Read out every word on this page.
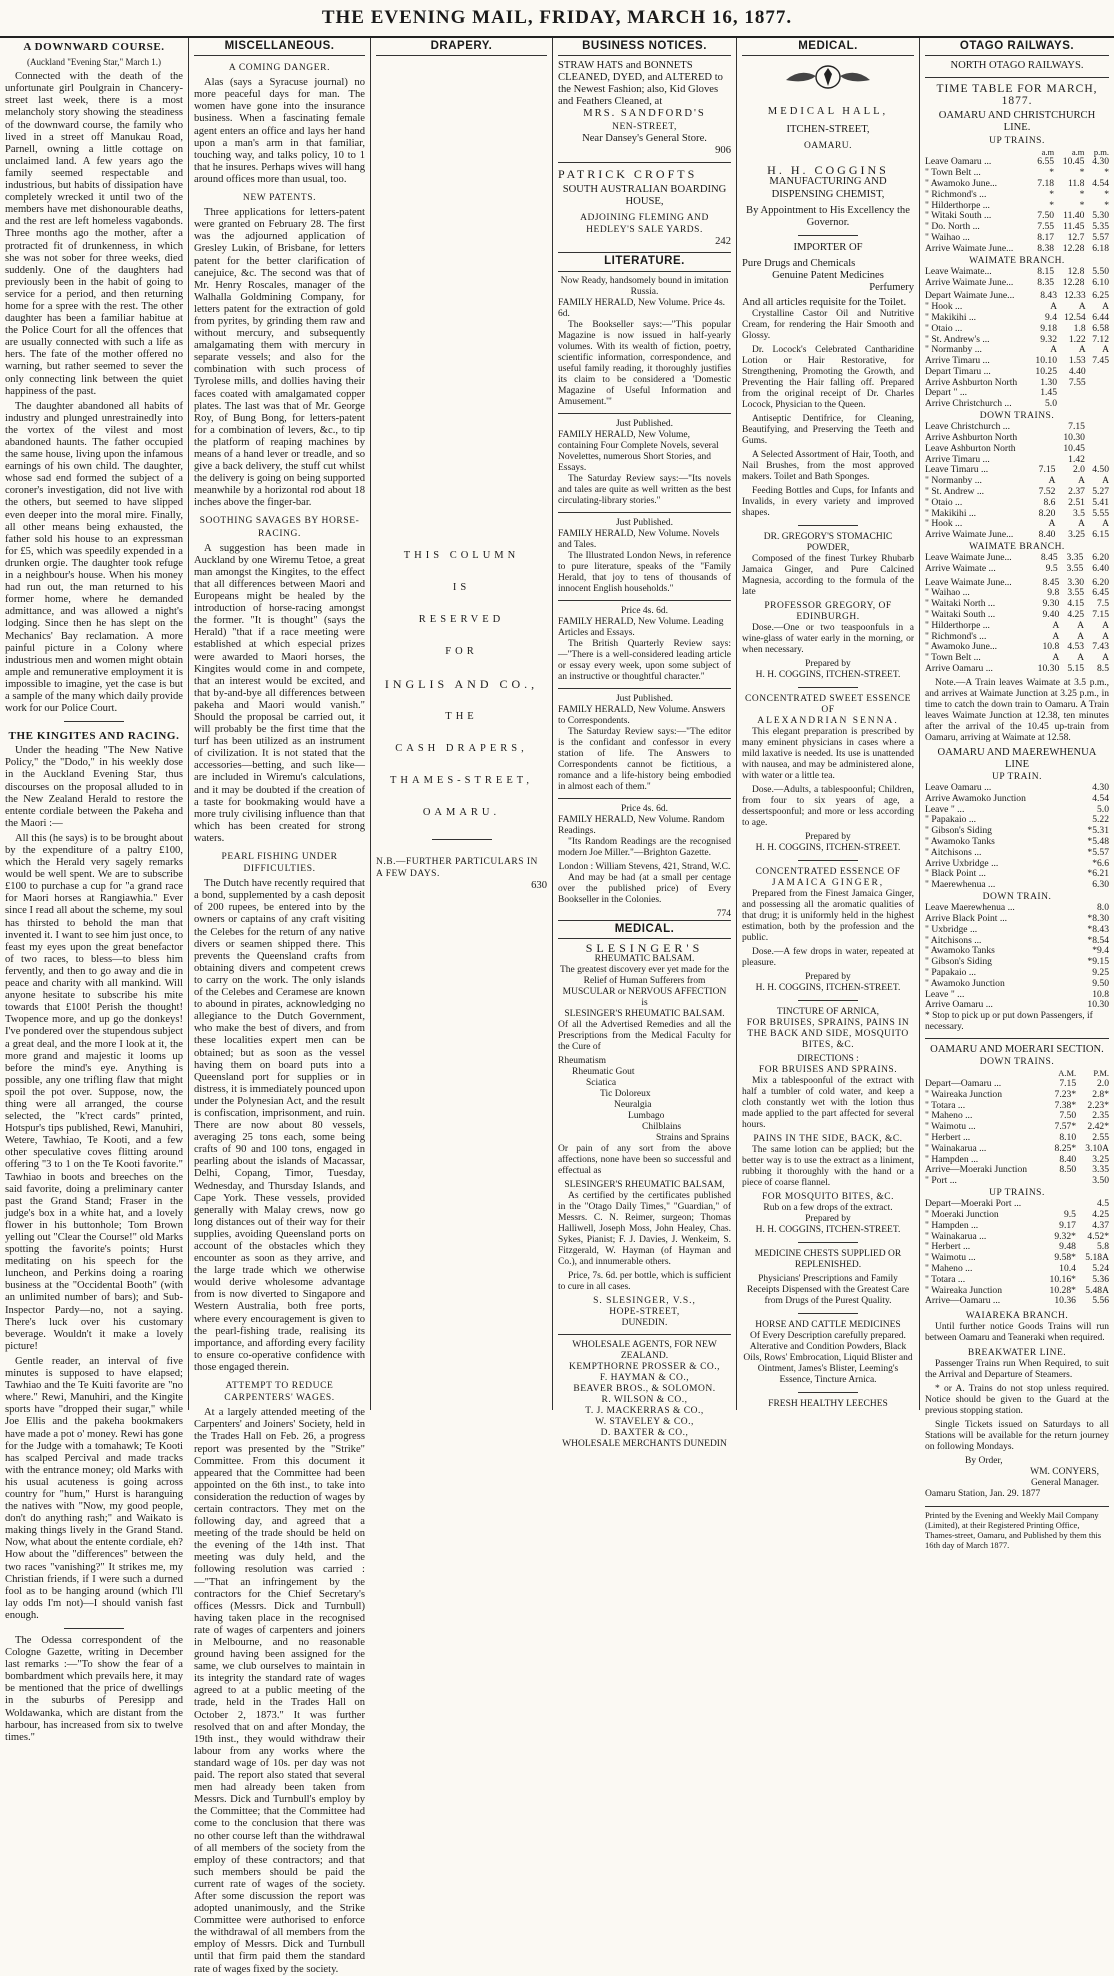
THE EVENING MAIL, FRIDAY, MARCH 16, 1877.
A DOWNWARD COURSE.
(Auckland "Evening Star," March 1.)

Connected with the death of the unfortunate girl Poulgrain in Chancery-street last week, there is a most melancholy story showing the steadiness of the downward course, the family who lived in a street off Manukau Road, Parnell, owning a little cottage on unclaimed land. A few years ago the family seemed respectable and industrious, but habits of dissipation have completely wrecked it until two of the members have met dishonourable deaths, and the rest are left homeless vagabonds. Three months ago the mother, after a protracted fit of drunkenness, in which she was not sober for three weeks, died suddenly. One of the daughters had previously been in the habit of going to service for a period, and then returning home for a spree with the rest. The other daughter has been a familiar habitue at the Police Court for all the offences that are usually connected with such a life as hers. The fate of the mother offered no warning, but rather seemed to sever the only connecting link between the quiet happiness of the past.

The daughter abandoned all habits of industry and plunged unrestrainedly into the vortex of the vilest and most abandoned haunts. The father occupied the same house, living upon the infamous earnings of his own child. The daughter, whose sad end formed the subject of a coroner's investigation, did not live with the others, but seemed to have slipped even deeper into the moral mire. Finally, all other means being exhausted, the father sold his house to an expressman for £5, which was speedily expended in a drunken orgie. The daughter took refuge in a neighbour's house. When his money had run out, the man returned to his former home, where he demanded admittance, and was allowed a night's lodging. Since then he has slept on the Mechanics' Bay reclamation. A more painful picture in a Colony where industrious men and women might obtain ample and remunerative employment it is impossible to imagine, yet the case is but a sample of the many which daily provide work for our Police Court.

THE KINGITES AND RACING.

Under the heading "The New Native Policy," the "Dodo," in his weekly dose in the Auckland Evening Star, thus discourses on the proposal alluded to in the New Zealand Herald to restore the entente cordiale between the Pakeha and the Maori :—

All this (he says) is to be brought about by the expenditure of a paltry £100, which the Herald very sagely remarks would be well spent. We are to subscribe £100 to purchase a cup for "a grand race for Maori horses at Rangiawhia." Ever since I read all about the scheme, my soul has thirsted to behold the man that invented it. I want to see him just once, to feast my eyes upon the great benefactor of two races, to bless—to bless him fervently, and then to go away and die in peace and charity with all mankind. Will anyone hesitate to subscribe his mite towards that £100! Perish the thought! Twopence more, and up go the donkeys! I've pondered over the stupendous subject a great deal, and the more I look at it, the more grand and majestic it looms up before the mind's eye. Anything is possible, any one trifling flaw that might spoil the pot over. Suppose, now, the thing were all arranged, the course selected, the "k'rect cards" printed, Hotspur's tips published, Rewi, Manuhiri, Wetere, Tawhiao, Te Kooti, and a few other speculative coves flitting around offering "3 to 1 on the Te Kooti favorite." Tawhiao in boots and breeches on the said favorite, doing a preliminary canter past the Grand Stand; Fraser in the judge's box in a white hat, and a lovely flower in his buttonhole; Tom Brown yelling out "Clear the Course!" old Marks spotting the favorite's points; Hurst meditating on his speech for the luncheon, and Perkins doing a roaring business at the "Occidental Booth" (with an unlimited number of bars); and Sub-Inspector Pardy—no, not a saying. There's luck over his customary beverage. Wouldn't it make a lovely picture!

Gentle reader, an interval of five minutes is supposed to have elapsed; Tawhiao and the Te Kuiti favorite are "no where." Rewi, Manuhiri, and the Kingite sports have "dropped their sugar," while Joe Ellis and the pakeha bookmakers have made a pot o' money. Rewi has gone for the Judge with a tomahawk; Te Kooti has scalped Percival and made tracks with the entrance money; old Marks with his usual acuteness is going across country for "hum," Hurst is haranguing the natives with "Now, my good people, don't do anything rash;" and Waikato is making things lively in the Grand Stand. Now, what about the entente cordiale, eh? How about the "differences" between the two races "vanishing?" It strikes me, my Christian friends, if I were such a durned fool as to be hanging around (which I'll lay odds I'm not)—I should vanish fast enough.

The Odessa correspondent of the Cologne Gazette, writing in December last remarks :—"To show the fear of a bombardment which prevails here, it may be mentioned that the price of dwellings in the suburbs of Peresipp and Woldawanka, which are distant from the harbour, has increased from six to twelve times."

MISCELLANEOUS.
A COMING DANGER.

Alas (says a Syracuse journal) no more peaceful days for man. The women have gone into the insurance business. When a fascinating female agent enters an office and lays her hand upon a man's arm in that familiar, touching way, and talks policy, 10 to 1 that he insures. Perhaps wives will hang around offices more than usual, too.

NEW PATENTS.

Three applications for letters-patent were granted on February 28. The first was the adjourned application of Gresley Lukin, of Brisbane, for letters patent for the better clarification of canejuice, &c. The second was that of Mr. Henry Roscales, manager of the Walhalla Goldmining Company, for letters patent for the extraction of gold from pyrites, by grinding them raw and without mercury, and subsequently amalgamating them with mercury in separate vessels; and also for the combination with such process of Tyrolese mills, and dollies having their faces coated with amalgamated copper plates. The last was that of Mr. George Roy, of Bung Bong, for letters-patent for a combination of levers, &c., to tip the platform of reaping machines by means of a hand lever or treadle, and so give a back delivery, the stuff cut whilst the delivery is going on being supported meanwhile by a horizontal rod about 18 inches above the finger-bar.

SOOTHING SAVAGES BY HORSE-RACING.

A suggestion has been made in Auckland by one Wiremu Tetoe, a great man amongst the Kingites, to the effect that all differences between Maori and Europeans might be healed by the introduction of horse-racing amongst the former. "It is thought" (says the Herald) "that if a race meeting were established at which especial prizes were awarded to Maori horses, the Kingites would come in and compete, that an interest would be excited, and that by-and-bye all differences between pakeha and Maori would vanish." Should the proposal be carried out, it will probably be the first time that the turf has been utilized as an instrument of civilization. It is not stated that the accessories—betting, and such like—are included in Wiremu's calculations, and it may be doubted if the creation of a taste for bookmaking would have a more truly civilising influence than that which has been created for strong waters.

PEARL FISHING UNDER DIFFICULTIES.

The Dutch have recently required that a bond, supplemented by a cash deposit of 200 rupees, be entered into by the owners or captains of any craft visiting the Celebes for the return of any native divers or seamen shipped there. This prevents the Queensland crafts from obtaining divers and competent crews to carry on the work. The only islands of the Celebes and Ceramese are known to abound in pirates, acknowledging no allegiance to the Dutch Government, who make the best of divers, and from these localities expert men can be obtained; but as soon as the vessel having them on board puts into a Queensland port for supplies or in distress, it is immediately pounced upon under the Polynesian Act, and the result is confiscation, imprisonment, and ruin. There are now about 80 vessels, averaging 25 tons each, some being crafts of 90 and 100 tons, engaged in pearling about the islands of Macassar, Delhi, Copang, Timor, Tuesday, Wednesday, and Thursday Islands, and Cape York. These vessels, provided generally with Malay crews, now go long distances out of their way for their supplies, avoiding Queensland ports on account of the obstacles which they encounter as soon as they arrive, and the large trade which we otherwise would derive wholesome advantage from is now diverted to Singapore and Western Australia, both free ports, where every encouragement is given to the pearl-fishing trade, realising its importance, and affording every facility to ensure co-operative confidence with those engaged therein.

ATTEMPT TO REDUCE CARPENTERS' WAGES.

At a largely attended meeting of the Carpenters' and Joiners' Society, held in the Trades Hall on Feb. 26, a progress report was presented by the "Strike" Committee. From this document it appeared that the Committee had been appointed on the 6th inst., to take into consideration the reduction of wages by certain contractors. They met on the following day, and agreed that a meeting of the trade should be held on the evening of the 14th inst. That meeting was duly held, and the following resolution was carried :—"That an infringement by the contractors for the Chief Secretary's offices (Messrs. Dick and Turnbull) having taken place in the recognised rate of wages of carpenters and joiners in Melbourne, and no reasonable ground having been assigned for the same, we club ourselves to maintain in its integrity the standard rate of wages agreed to at a public meeting of the trade, held in the Trades Hall on October 2, 1873." It was further resolved that on and after Monday, the 19th inst., they would withdraw their labour from any works where the standard wage of 10s. per day was not paid. The report also stated that several men had already been taken from Messrs. Dick and Turnbull's employ by the Committee; that the Committee had come to the conclusion that there was no other course left than the withdrawal of all members of the society from the employ of these contractors; and that such members should be paid the current rate of wages of the society. After some discussion the report was adopted unanimously, and the Strike Committee were authorised to enforce the withdrawal of all members from the employ of Messrs. Dick and Turnbull until that firm paid them the standard rate of wages fixed by the society.

DRAPERY.
THIS COLUMN
IS
RESERVED
FOR
INGLIS AND CO.,
THE
CASH DRAPERS,
THAMES-STREET,
OAMARU.
N.B.—FURTHER PARTICULARS IN A FEW DAYS.
630
BUSINESS NOTICES.
STRAW HATS and BONNETS CLEANED, DYED, and ALTERED to the Newest Fashion; also, Kid Gloves and Feathers Cleaned, at
MRS. SANDFORD'S
NEN-STREET,
Near Dansey's General Store.
906
PATRICK CROFTS
SOUTH AUSTRALIAN BOARDING HOUSE,
ADJOINING FLEMING AND HEDLEY'S SALE YARDS.
242
LITERATURE.
Now Ready, handsomely bound in imitation Russia.
FAMILY HERALD, New Volume. Price 4s. 6d.

The Bookseller says:—"This popular Magazine is now issued in half-yearly volumes. With its wealth of fiction, poetry, scientific information, correspondence, and useful family reading, it thoroughly justifies its claim to be considered a 'Domestic Magazine of Useful Information and Amusement.'"

Just Published.
FAMILY HERALD, New Volume, containing Four Complete Novels, several Novelettes, numerous Short Stories, and Essays.

The Saturday Review says:—"Its novels and tales are quite as well written as the best circulating-library stories."

Just Published.
FAMILY HERALD, New Volume. Novels and Tales.

The Illustrated London News, in reference to pure literature, speaks of the "Family Herald, that joy to tens of thousands of innocent English households."

Price 4s. 6d.
FAMILY HERALD, New Volume. Leading Articles and Essays.

The British Quarterly Review says:—"There is a well-considered leading article or essay every week, upon some subject of an instructive or thoughtful character."

Just Published.
FAMILY HERALD, New Volume. Answers to Correspondents.

The Saturday Review says:—"The editor is the confidant and confessor in every station of life. The Answers to Correspondents cannot be fictitious, a romance and a life-history being embodied in almost each of them."

Price 4s. 6d.
FAMILY HERALD, New Volume. Random Readings.

"Its Random Readings are the recognised modern Joe Miller."—Brighton Gazette.

London : William Stevens, 421, Strand, W.C.

And may be had (at a small per centage over the published price) of Every Bookseller in the Colonies.

774
MEDICAL.
SLESINGER'S
RHEUMATIC BALSAM.
The greatest discovery ever yet made for the Relief of Human Sufferers from
MUSCULAR or NERVOUS AFFECTION
is
SLESINGER'S RHEUMATIC BALSAM.

Of all the Advertised Remedies and all the Prescriptions from the Medical Faculty for the Cure of

Rheumatism
Rheumatic Gout
Sciatica
Tic Doloreux
Neuralgia
Lumbago
Chilblains
Strains and Sprains

Or pain of any sort from the above affections, none have been so successful and effectual as

SLESINGER'S RHEUMATIC BALSAM,

As certified by the certificates published in the "Otago Daily Times," "Guardian," of Messrs. C. N. Reimer, surgeon; Thomas Halliwell, Joseph Moss, John Healey, Chas. Sykes, Pianist; F. J. Davies, J. Wenkeim, S. Fitzgerald, W. Hayman (of Hayman and Co.), and innumerable others.

Price, 7s. 6d. per bottle, which is sufficient to cure in all cases.

S. SLESINGER, V.S.,
HOPE-STREET,
DUNEDIN.
WHOLESALE AGENTS, FOR NEW ZEALAND.
KEMPTHORNE PROSSER & CO.,
F. HAYMAN & CO.,
BEAVER BROS., & SOLOMON.
R. WILSON & CO.,
T. J. MACKERRAS & CO.,
W. STAVELEY & CO.,
D. BAXTER & CO.,
WHOLESALE MERCHANTS DUNEDIN
MEDICAL.
MEDICAL HALL,
ITCHEN-STREET,
OAMARU.
H. H. COGGINS
MANUFACTURING AND DISPENSING CHEMIST,
By Appointment to His Excellency the Governor.
IMPORTER OF
Pure Drugs and Chemicals
Genuine Patent Medicines
Perfumery
And all articles requisite for the Toilet.

Crystalline Castor Oil and Nutritive Cream, for rendering the Hair Smooth and Glossy.

Dr. Locock's Celebrated Cantharidine Lotion or Hair Restorative, for Strengthening, Promoting the Growth, and Preventing the Hair falling off. Prepared from the original receipt of Dr. Charles Locock, Physician to the Queen.

Antiseptic Dentifrice, for Cleaning, Beautifying, and Preserving the Teeth and Gums.

A Selected Assortment of Hair, Tooth, and Nail Brushes, from the most approved makers. Toilet and Bath Sponges.

Feeding Bottles and Cups, for Infants and Invalids, in every variety and improved shapes.

DR. GREGORY'S STOMACHIC POWDER,

Composed of the finest Turkey Rhubarb Jamaica Ginger, and Pure Calcined Magnesia, according to the formula of the late

PROFESSOR GREGORY, OF EDINBURGH.

Dose.—One or two teaspoonfuls in a wine-glass of water early in the morning, or when necessary.

Prepared by
H. H. COGGINS, ITCHEN-STREET.
CONCENTRATED SWEET ESSENCE OF
ALEXANDRIAN SENNA.

This elegant preparation is prescribed by many eminent physicians in cases where a mild laxative is needed. Its use is unattended with nausea, and may be administered alone, with water or a little tea.

Dose.—Adults, a tablespoonful; Children, from four to six years of age, a dessertspoonful; and more or less according to age.

Prepared by
H. H. COGGINS, ITCHEN-STREET.
CONCENTRATED ESSENCE OF
JAMAICA GINGER,

Prepared from the Finest Jamaica Ginger, and possessing all the aromatic qualities of that drug; it is uniformly held in the highest estimation, both by the profession and the public.

Dose.—A few drops in water, repeated at pleasure.

Prepared by
H. H. COGGINS, ITCHEN-STREET.
TINCTURE OF ARNICA,
FOR BRUISES, SPRAINS, PAINS IN THE BACK AND SIDE, MOSQUITO BITES, &C.
DIRECTIONS :
FOR BRUISES AND SPRAINS.

Mix a tablespoonful of the extract with half a tumbler of cold water, and keep a cloth constantly wet with the lotion thus made applied to the part affected for several hours.

PAINS IN THE SIDE, BACK, &C.

The same lotion can be applied; but the better way is to use the extract as a liniment, rubbing it thoroughly with the hand or a piece of coarse flannel.

FOR MOSQUITO BITES, &C.
Rub on a few drops of the extract.
Prepared by
H. H. COGGINS, ITCHEN-STREET.
MEDICINE CHESTS SUPPLIED OR REPLENISHED.
Physicians' Prescriptions and Family Receipts Dispensed with the Greatest Care from Drugs of the Purest Quality.
HORSE AND CATTLE MEDICINES
Of Every Description carefully prepared. Alterative and Condition Powders, Black Oils, Rows' Embrocation, Liquid Blister and Ointment, James's Blister, Leeming's Essence, Tincture Arnica.
FRESH HEALTHY LEECHES
OTAGO RAILWAYS.
NORTH OTAGO RAILWAYS.
TIME TABLE FOR MARCH, 1877.
OAMARU AND CHRISTCHURCH LINE.
UP TRAINS.
	a.m	a.m	p.m.
Leave Oamaru ...	6.55	10.45	4.30
" Town Belt ...	*	*	*
" Awamoko June...	7.18	11.8	4.54
" Richmond's ...	*	*	*
" Hilderthorpe ...	*	*	*
" Witaki South ...	7.50	11.40	5.30
" Do. North ...	7.55	11.45	5.35
" Waihao ...	8.17	12.7	5.57
Arrive Waimate June...	8.38	12.28	6.18
WAIMATE BRANCH.
Leave Waimate...	8.15	12.8	5.50
Arrive Waimate June...	8.35	12.28	6.10
Depart Waimate June...	8.43	12.33	6.25
" Hook ...	A	A	A
" Makikihi ...	9.4	12.54	6.44
" Otaio ...	9.18	1.8	6.58
" St. Andrew's ...	9.32	1.22	7.12
" Normanby ...	A	A	A
Arrive Timaru ...	10.10	1.53	7.45
Depart Timaru ...	10.25	4.40	
Arrive Ashburton North	1.30	7.55	
Depart " ...	1.45		
Arrive Christchurch ...	5.0		
DOWN TRAINS.
Leave Christchurch ...		7.15	
Arrive Ashburton North		10.30	
Leave Ashburton North		10.45	
Arrive Timaru ...		1.42	
Leave Timaru ...	7.15	2.0	4.50
" Normanby ...	A	A	A
" St. Andrew ...	7.52	2.37	5.27
" Otaio ...	8.6	2.51	5.41
" Makikihi ...	8.20	3.5	5.55
" Hook ...	A	A	A
Arrive Waimate June...	8.40	3.25	6.15
WAIMATE BRANCH.
Leave Waimate June...	8.45	3.35	6.20
Arrive Waimate ...	9.5	3.55	6.40
Leave Waimate June...	8.45	3.30	6.20
" Waihao ...	9.8	3.55	6.45
" Waitaki North ...	9.30	4.15	7.5
" Waitaki South ...	9.40	4.25	7.15
" Hilderthorpe ...	A	A	A
" Richmond's ...	A	A	A
" Awamoko June...	10.8	4.53	7.43
" Town Belt ...	A	A	A
Arrive Oamaru ...	10.30	5.15	8.5

Note.—A Train leaves Waimate at 3.5 p.m., and arrives at Waimate Junction at 3.25 p.m., in time to catch the down train to Oamaru. A Train leaves Waimate Junction at 12.38, ten minutes after the arrival of the 10.45 up-train from Oamaru, arriving at Waimate at 12.58.

OAMARU AND MAEREWHENUA LINE
UP TRAIN.
Leave Oamaru ...	4.30
Arrive Awamoko Junction	4.54
Leave " ...	5.0
" Papakaio ...	5.22
" Gibson's Siding	*5.31
" Awamoko Tanks	*5.48
" Aitchisons ...	*5.57
Arrive Uxbridge ...	*6.6
" Black Point ...	*6.21
" Maerewhenua ...	6.30
DOWN TRAIN.
Leave Maerewhenua ...	8.0
Arrive Black Point ...	*8.30
" Uxbridge ...	*8.43
" Aitchisons ...	*8.54
" Awamoko Tanks	*9.4
" Gibson's Siding	*9.15
" Papakaio ...	9.25
" Awamoko Junction	9.50
Leave " ...	10.8
Arrive Oamaru ...	10.30
* Stop to pick up or put down Passengers, if necessary.
OAMARU AND MOERARI SECTION.
DOWN TRAINS.
	A.M.	P.M.
Depart—Oamaru ...	7.15	2.0
" Waireaka Junction	7.23*	2.8*
" Totara ...	7.38*	2.23*
" Maheno ...	7.50	2.35
" Waimotu ...	7.57*	2.42*
" Herbert ...	8.10	2.55
" Wainakarua ...	8.25*	3.10A
" Hampden ...	8.40	3.25
Arrive—Moeraki Junction	8.50	3.35
" Port ...		3.50
UP TRAINS.
Depart—Moeraki Port ...		4.5
" Moeraki Junction	9.5	4.25
" Hampden ...	9.17	4.37
" Wainakarua ...	9.32*	4.52*
" Herbert ...	9.48	5.8
" Waimotu ...	9.58*	5.18A
" Maheno ...	10.4	5.24
" Totara ...	10.16*	5.36
" Waireaka Junction	10.28*	5.48A
Arrive—Oamaru ...	10.36	5.56
WAIAREKA BRANCH.

Until further notice Goods Trains will run between Oamaru and Teaneraki when required.

BREAKWATER LINE.

Passenger Trains run When Required, to suit the Arrival and Departure of Steamers.

* or A. Trains do not stop unless required. Notice should be given to the Guard at the previous stopping station.

Single Tickets issued on Saturdays to all Stations will be available for the return journey on following Mondays.

By Order,
WM. CONYERS,
General Manager.
Oamaru Station, Jan. 29. 1877
Printed by the Evening and Weekly Mail Company (Limited), at their Registered Printing Office, Thames-street, Oamaru, and Published by them this 16th day of March 1877.
